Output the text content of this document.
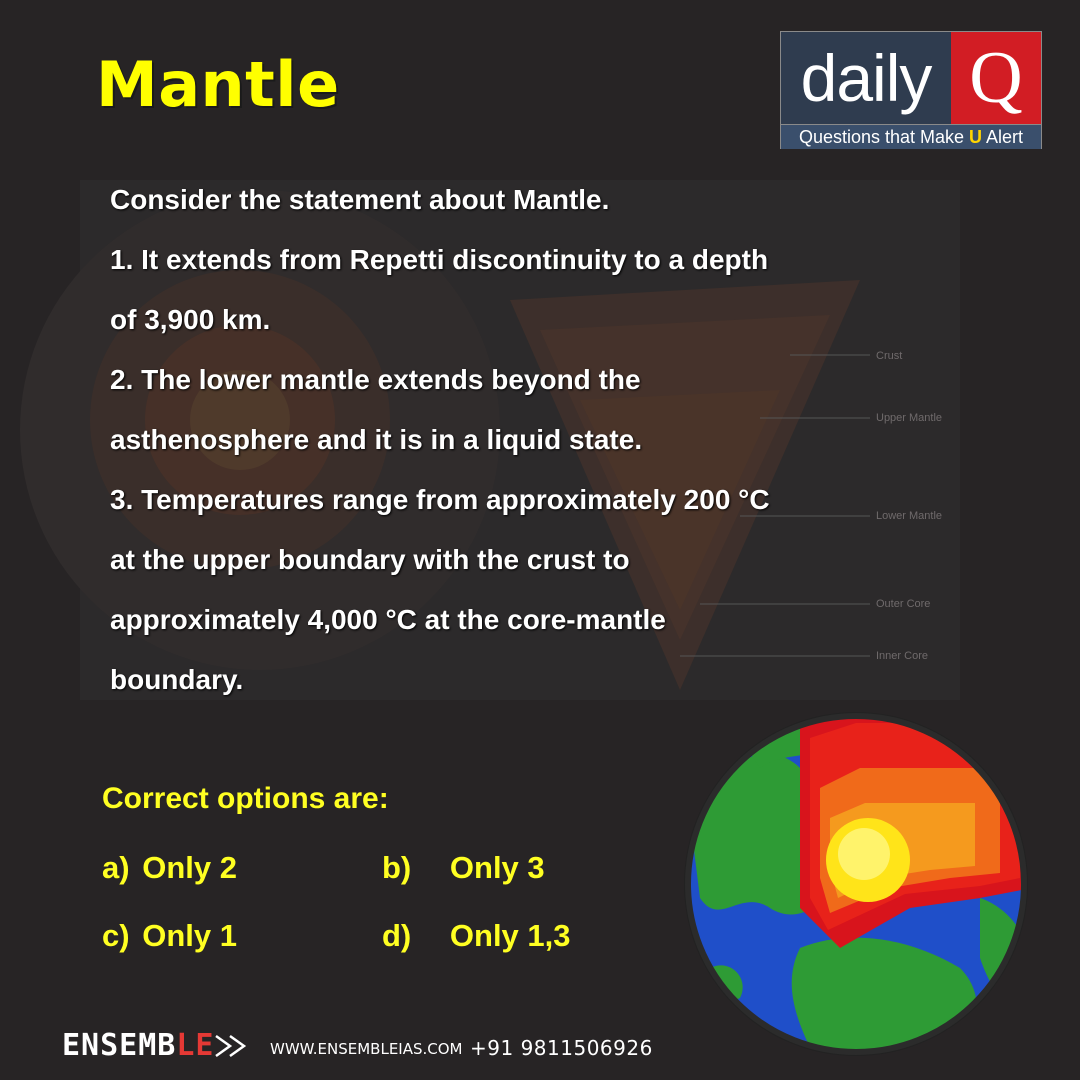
Crust
Upper Mantle
Lower Mantle
Outer Core
Inner Core
Mantle	daily Q
Questions that Make U Alert
Consider the statement about Mantle.
1. It extends from Repetti discontinuity to a depth
of 3,900 km.
2. The lower mantle extends beyond the
asthenosphere and it is in a liquid state.
3. Temperatures range from approximately 200 °C
at the upper boundary with the crust to
approximately 4,000 °C at the core-mantle
boundary.
Correct options are:
a) Only 2	b) Only 3
c) Only 1	d) Only 1,3
ENSEMBLE	WWW.ENSEMBLEIAS.COM +91 9811506926
